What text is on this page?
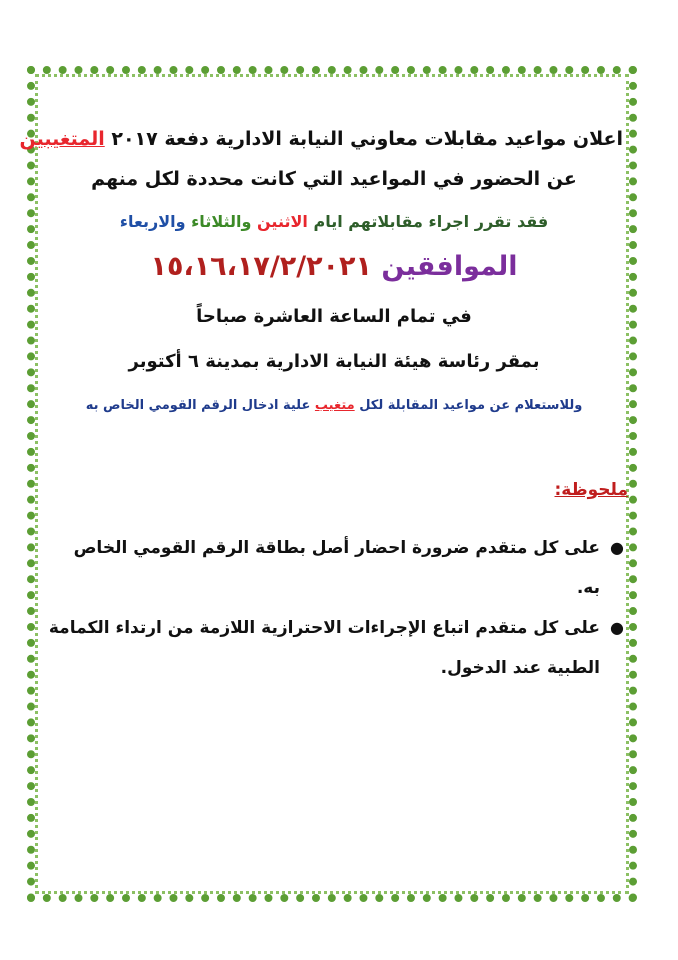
اعلان مواعيد مقابلات معاوني النيابة الادارية دفعة ٢٠١٧ المتغيبين
عن الحضور في المواعيد التي كانت محددة لكل منهم
فقد تقرر اجراء مقابلاتهم ايام الاثنين والثلاثاء والاربعاء
الموافقين ١٥،١٦،١٧/٢/٢٠٢١
في تمام الساعة العاشرة صباحاً
بمقر رئاسة هيئة النيابة الادارية بمدينة ٦ أكتوبر
وللاستعلام عن مواعيد المقابلة لكل متغيب علية ادخال الرقم القومي الخاص به
ملحوظة:
●
على كل متقدم ضرورة احضار أصل بطاقة الرقم القومي الخاص به.
●
على كل متقدم اتباع الإجراءات الاحترازية اللازمة من ارتداء الكمامة الطبية عند الدخول.
